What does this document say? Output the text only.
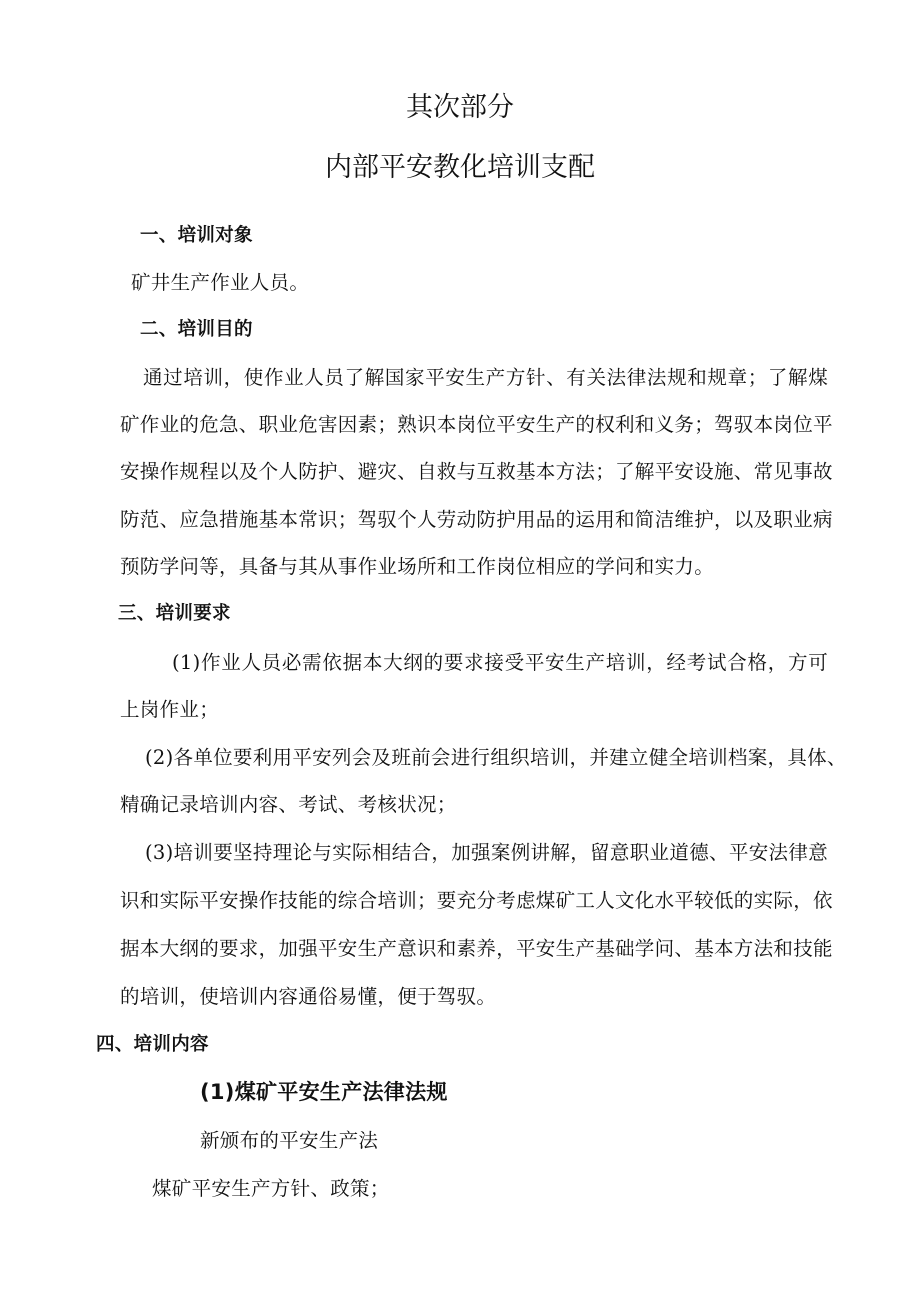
其次部分
内部平安教化培训支配
一、培训对象
矿井生产作业人员。
二、培训目的
通过培训，使作业人员了解国家平安生产方针、有关法律法规和规章；了解煤
矿作业的危急、职业危害因素；熟识本岗位平安生产的权利和义务；驾驭本岗位平
安操作规程以及个人防护、避灾、自救与互救基本方法；了解平安设施、常见事故
防范、应急措施基本常识；驾驭个人劳动防护用品的运用和简洁维护，以及职业病
预防学问等，具备与其从事作业场所和工作岗位相应的学问和实力。
三、培训要求
(1)作业人员必需依据本大纲的要求接受平安生产培训，经考试合格，方可
上岗作业；
(2)各单位要利用平安列会及班前会进行组织培训，并建立健全培训档案，具体、
精确记录培训内容、考试、考核状况；
(3)培训要坚持理论与实际相结合，加强案例讲解，留意职业道德、平安法律意
识和实际平安操作技能的综合培训；要充分考虑煤矿工人文化水平较低的实际，依
据本大纲的要求，加强平安生产意识和素养，平安生产基础学问、基本方法和技能
的培训，使培训内容通俗易懂，便于驾驭。
四、培训内容
(1)煤矿平安生产法律法规
新颁布的平安生产法
煤矿平安生产方针、政策；
